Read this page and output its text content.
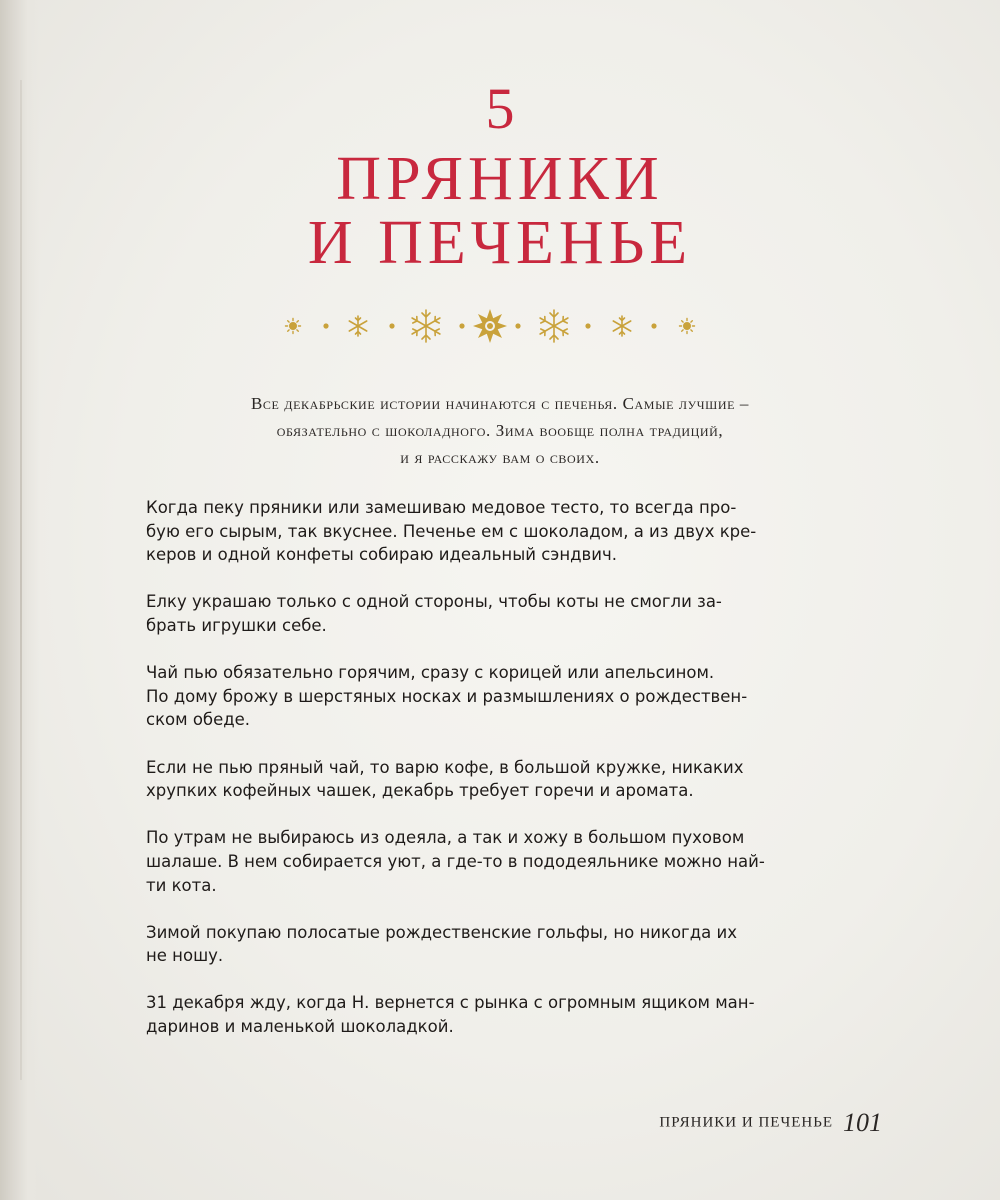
5
ПРЯНИКИ
И ПЕЧЕНЬЕ
Все декабрьские истории начинаются с печенья. Самые лучшие –
обязательно с шоколадного. Зима вообще полна традиций,
и я расскажу вам о своих.
Когда пеку пряники или замешиваю медовое тесто, то всегда про-
бую его сырым, так вкуснее. Печенье ем с шоколадом, а из двух кре-
керов и одной конфеты собираю идеальный сэндвич.
Елку украшаю только с одной стороны, чтобы коты не смогли за-
брать игрушки себе.
Чай пью обязательно горячим, сразу с корицей или апельсином.
По дому брожу в шерстяных носках и размышлениях о рождествен-
ском обеде.
Если не пью пряный чай, то варю кофе, в большой кружке, никаких
хрупких кофейных чашек, декабрь требует горечи и аромата.
По утрам не выбираюсь из одеяла, а так и хожу в большом пуховом
шалаше. В нем собирается уют, а где-то в пододеяльнике можно най-
ти кота.
Зимой покупаю полосатые рождественские гольфы, но никогда их
не ношу.
31 декабря жду, когда Н. вернется с рынка с огромным ящиком ман-
даринов и маленькой шоколадкой.
ПРЯНИКИ И ПЕЧЕНЬЕ 101
